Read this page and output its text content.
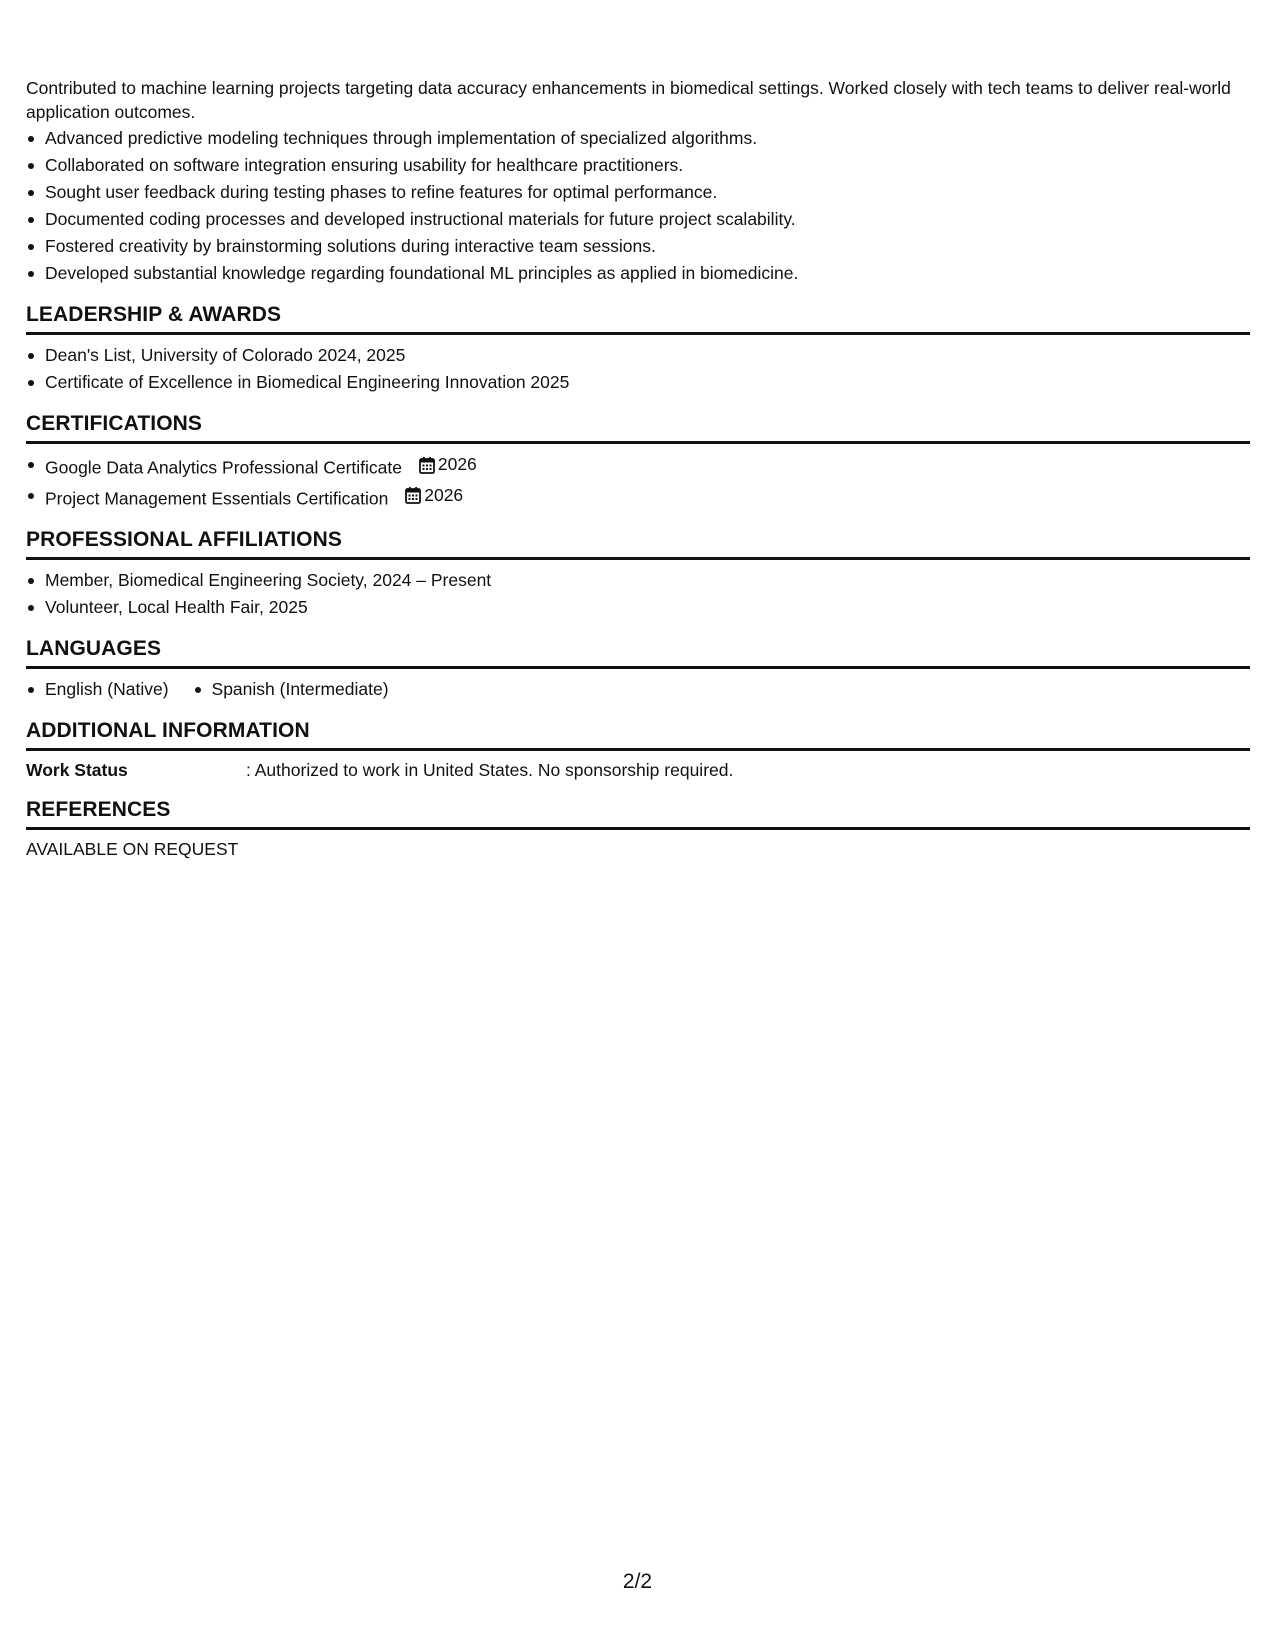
Contributed to machine learning projects targeting data accuracy enhancements in biomedical settings. Worked closely with tech teams to deliver real-world application outcomes.

Advanced predictive modeling techniques through implementation of specialized algorithms.
Collaborated on software integration ensuring usability for healthcare practitioners.
Sought user feedback during testing phases to refine features for optimal performance.
Documented coding processes and developed instructional materials for future project scalability.
Fostered creativity by brainstorming solutions during interactive team sessions.
Developed substantial knowledge regarding foundational ML principles as applied in biomedicine.
LEADERSHIP & AWARDS
Dean's List, University of Colorado 2024, 2025
Certificate of Excellence in Biomedical Engineering Innovation 2025
CERTIFICATIONS
Google Data Analytics Professional Certificate 2026
Project Management Essentials Certification 2026
PROFESSIONAL AFFILIATIONS
Member, Biomedical Engineering Society, 2024 – Present
Volunteer, Local Health Fair, 2025
LANGUAGES
English (Native)	Spanish (Intermediate)
ADDITIONAL INFORMATION
Work Status	: Authorized to work in United States. No sponsorship required.
REFERENCES
AVAILABLE ON REQUEST
2/2
